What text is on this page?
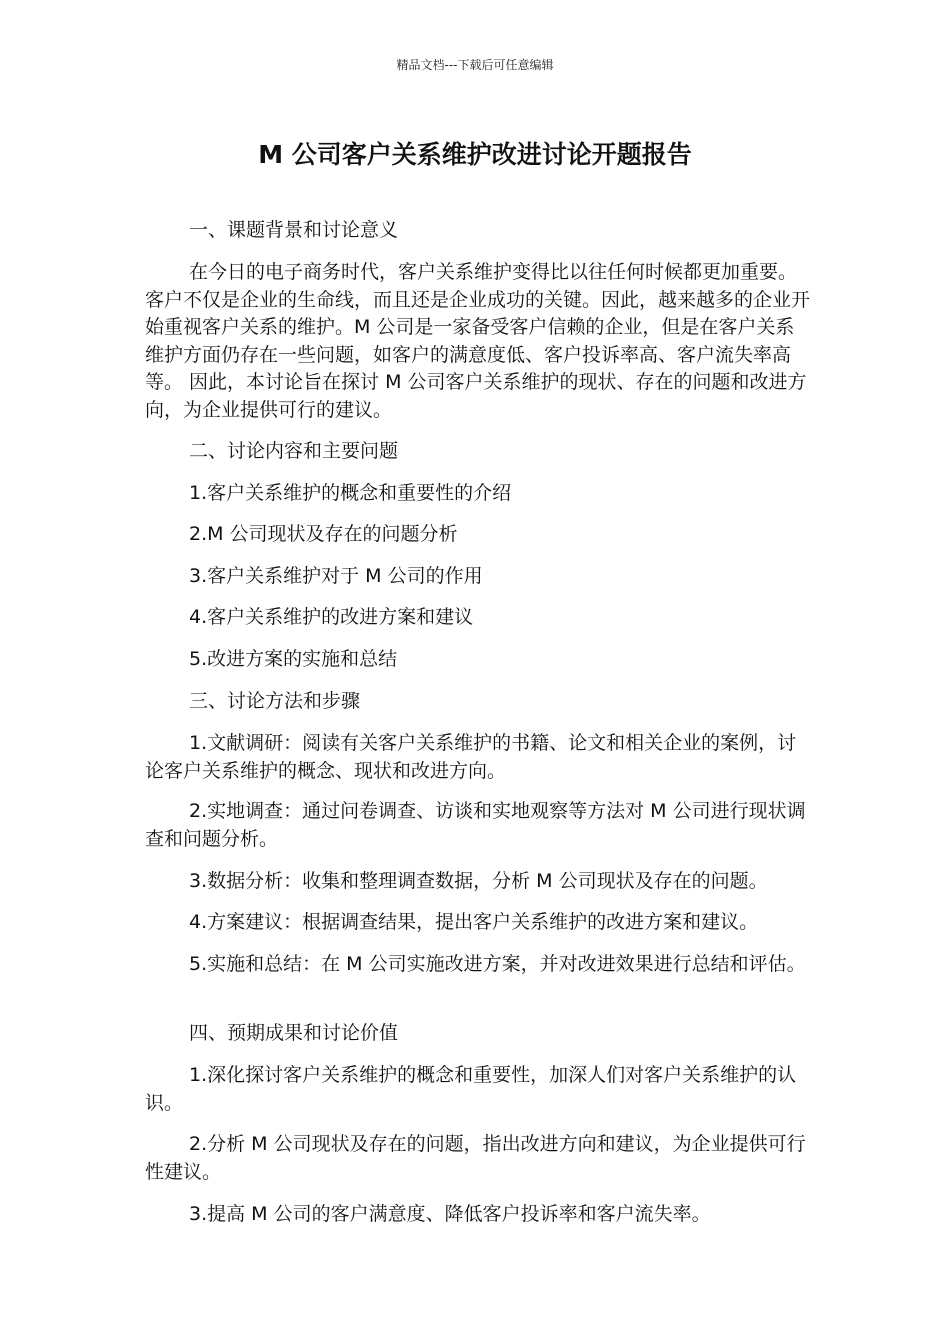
精品文档---下载后可任意编辑
M 公司客户关系维护改进讨论开题报告

一、课题背景和讨论意义

在今日的电子商务时代，客户关系维护变得比以往任何时候都更加重要。客户不仅是企业的生命线，而且还是企业成功的关键。因此，越来越多的企业开始重视客户关系的维护。M 公司是一家备受客户信赖的企业，但是在客户关系维护方面仍存在一些问题，如客户的满意度低、客户投诉率高、客户流失率高等。 因此，本讨论旨在探讨 M 公司客户关系维护的现状、存在的问题和改进方向，为企业提供可行的建议。

二、讨论内容和主要问题

1.客户关系维护的概念和重要性的介绍

2.M 公司现状及存在的问题分析

3.客户关系维护对于 M 公司的作用

4.客户关系维护的改进方案和建议

5.改进方案的实施和总结

三、讨论方法和步骤

1.文献调研：阅读有关客户关系维护的书籍、论文和相关企业的案例，讨论客户关系维护的概念、现状和改进方向。

2.实地调查：通过问卷调查、访谈和实地观察等方法对 M 公司进行现状调查和问题分析。

3.数据分析：收集和整理调查数据，分析 M 公司现状及存在的问题。

4.方案建议：根据调查结果，提出客户关系维护的改进方案和建议。

5.实施和总结：在 M 公司实施改进方案，并对改进效果进行总结和评估。

四、预期成果和讨论价值

1.深化探讨客户关系维护的概念和重要性，加深人们对客户关系维护的认识。

2.分析 M 公司现状及存在的问题，指出改进方向和建议，为企业提供可行性建议。

3.提高 M 公司的客户满意度、降低客户投诉率和客户流失率。
